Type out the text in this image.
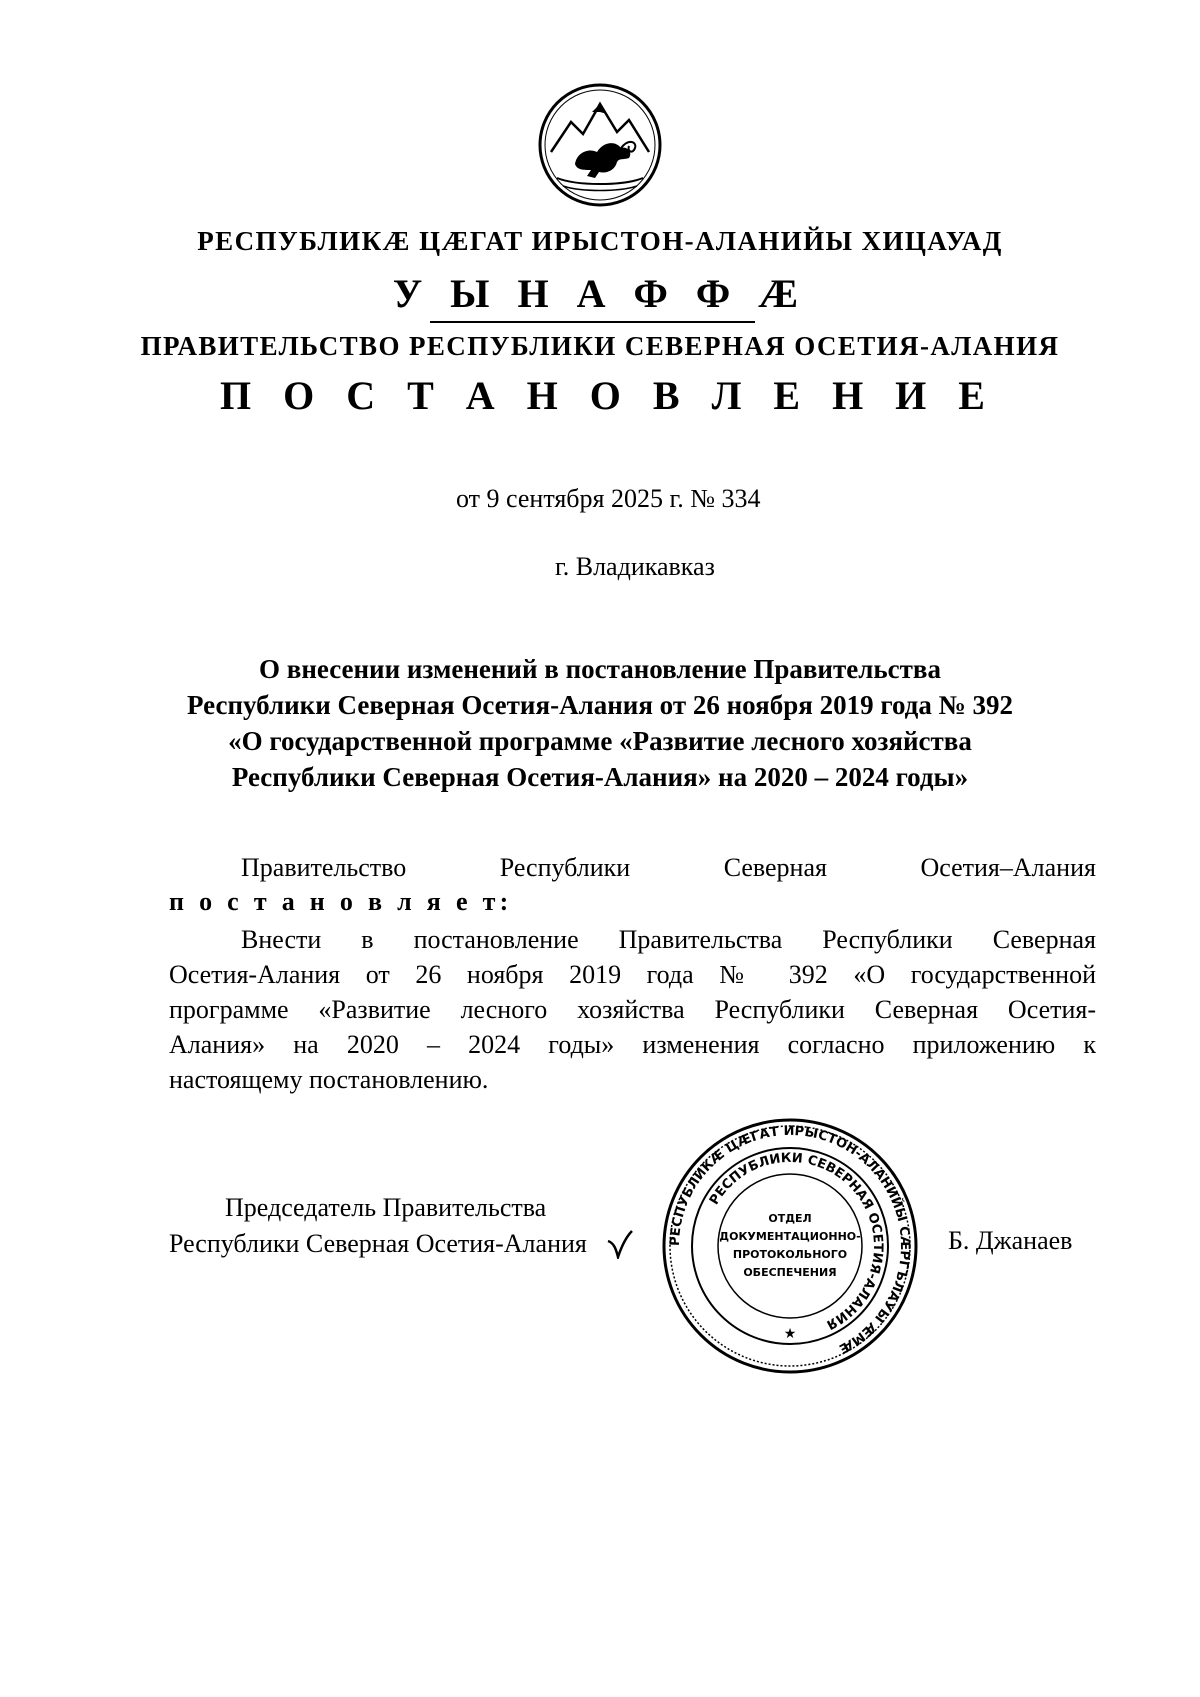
РЕСПУБЛИКӔ ЦӔГАТ ИРЫСТОН-АЛАНИЙЫ ХИЦАУАД
У Ы Н А Ф Ф Ӕ
ПРАВИТЕЛЬСТВО РЕСПУБЛИКИ СЕВЕРНАЯ ОСЕТИЯ-АЛАНИЯ
П О С Т А Н О В Л Е Н И Е
от 9 сентября 2025 г. № 334
г. Владикавказ
О внесении изменений в постановление Правительства
Республики Северная Осетия-Алания от 26 ноября 2019 года № 392
«О государственной программе «Развитие лесного хозяйства
Республики Северная Осетия-Алания» на 2020 – 2024 годы»
Правительство	Республики	Северная	Осетия–Алания
п о с т а н о в л я е т:
Внести в постановление Правительства Республики Северная
Осетия-Алания от 26 ноября 2019 года № 392 «О государственной
программе «Развитие лесного хозяйства Республики Северная Осетия-
Алания» на 2020 – 2024 годы» изменения согласно приложению к
настоящему постановлению.
Председатель Правительства
Республики Северная Осетия-Алания	РЕСПУБЛИКӔ ЦӔГАТ ИРЫСТОН-АЛАНИЙЫ СӔРГЪЛАУЫ ӔМӔ
РЕСПУБЛИКИ СЕВЕРНАЯ ОСЕТИЯ-АЛАНИЯ
ОТДЕЛ
ДОКУМЕНТАЦИОННО-
ПРОТОКОЛЬНОГО
ОБЕСПЕЧЕНИЯ
★
Б. Джанаев
